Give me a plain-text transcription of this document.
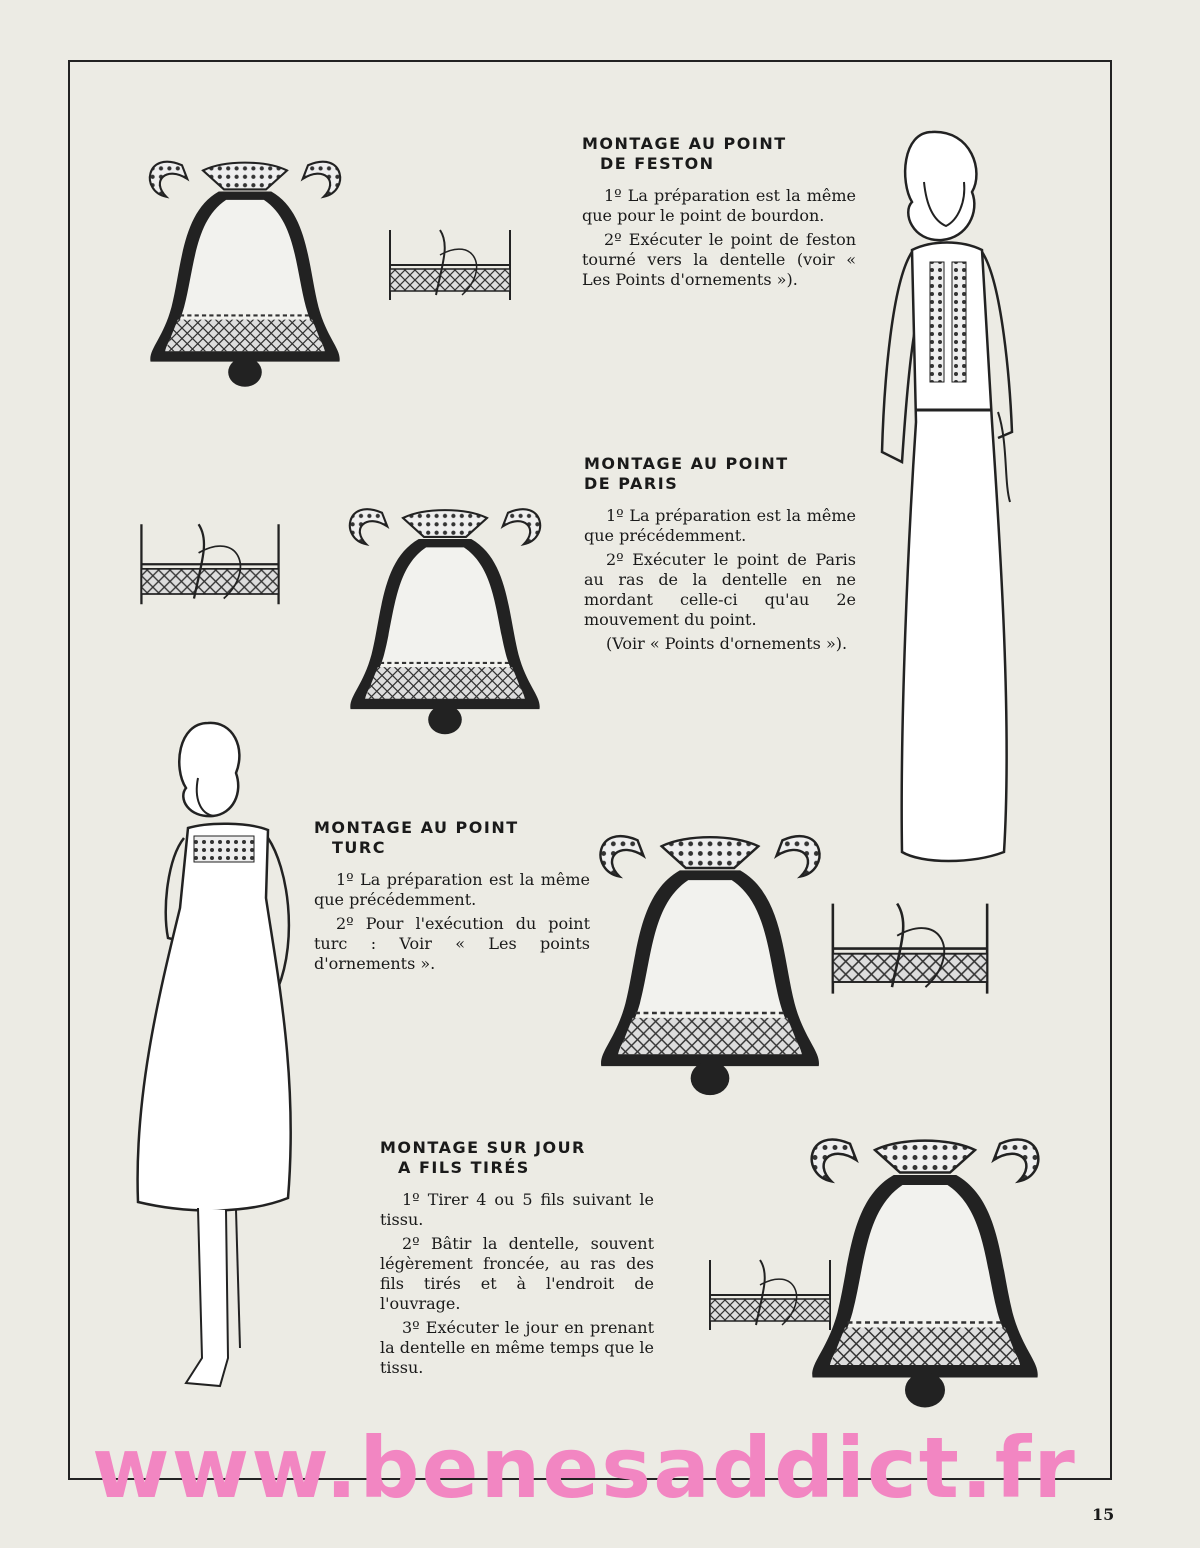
MONTAGE AU POINT
DE FESTON

1º La préparation est la même que pour le point de bourdon.

2º Exécuter le point de feston tourné vers la dentelle (voir « Les Points d'ornements »).

MONTAGE AU POINT
DE PARIS

1º La préparation est la même que précédemment.

2º Exécuter le point de Paris au ras de la dentelle en ne mordant celle-ci qu'au 2e mouvement du point.

(Voir « Points d'ornements »).

MONTAGE AU POINT
TURC

1º La préparation est la même que précédemment.

2º Pour l'exécution du point turc : Voir « Les points d'ornements ».

MONTAGE SUR JOUR
A FILS TIRÉS

1º Tirer 4 ou 5 fils suivant le tissu.

2º Bâtir la dentelle, souvent légèrement froncée, au ras des fils tirés et à l'endroit de l'ouvrage.

3º Exécuter le jour en prenant la dentelle en même temps que le tissu.

www.benesaddict.fr 15
